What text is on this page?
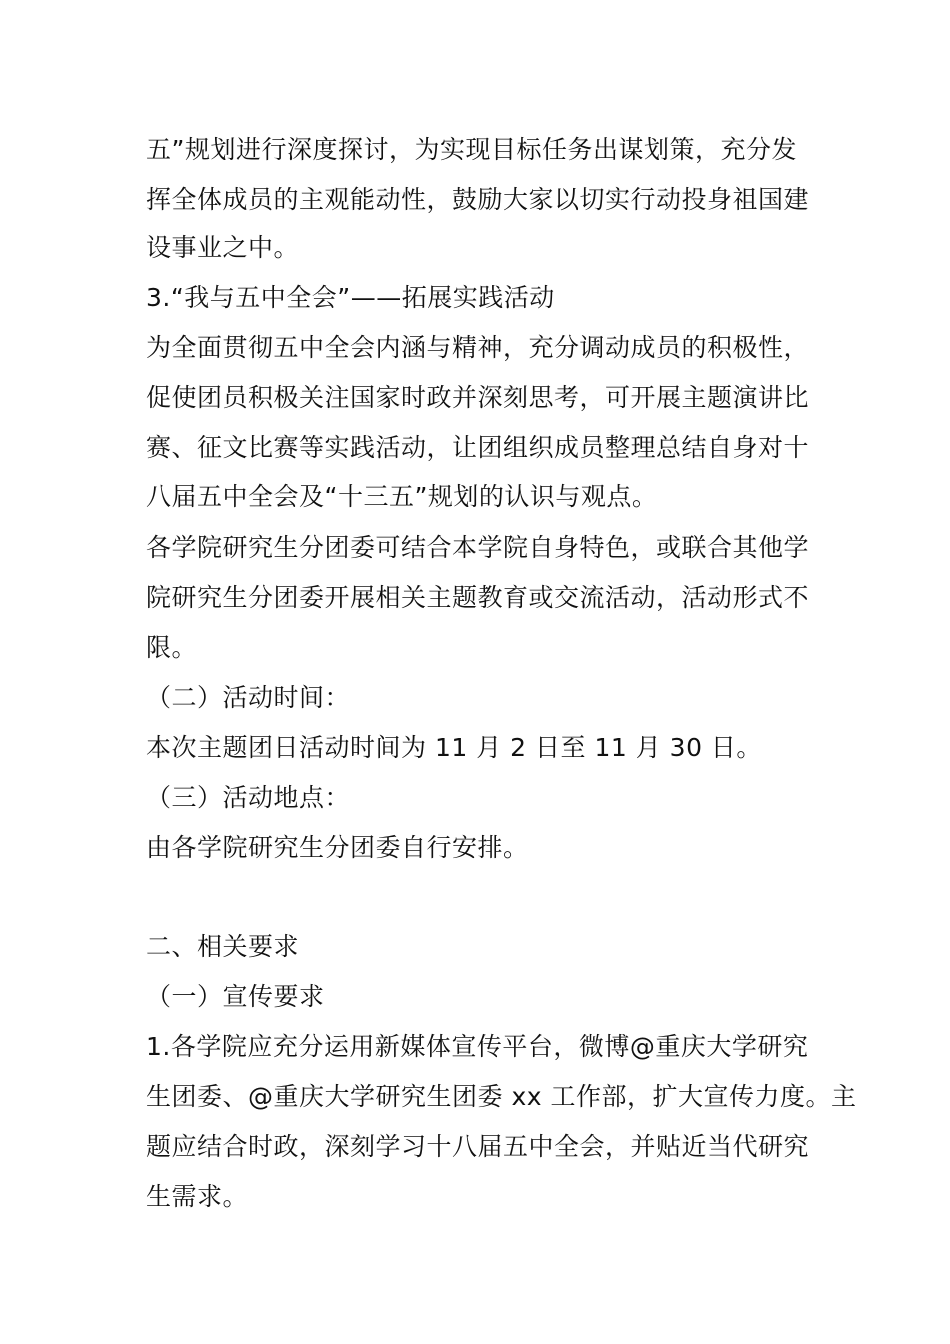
五”规划进行深度探讨，为实现目标任务出谋划策，充分发
挥全体成员的主观能动性，鼓励大家以切实行动投身祖国建
设事业之中。
3.“我与五中全会”——拓展实践活动
为全面贯彻五中全会内涵与精神，充分调动成员的积极性，
促使团员积极关注国家时政并深刻思考，可开展主题演讲比
赛、征文比赛等实践活动，让团组织成员整理总结自身对十
八届五中全会及“十三五”规划的认识与观点。
各学院研究生分团委可结合本学院自身特色，或联合其他学
院研究生分团委开展相关主题教育或交流活动，活动形式不
限。
（二）活动时间：
本次主题团日活动时间为 11 月 2 日至 11 月 30 日。
（三）活动地点：
由各学院研究生分团委自行安排。
二、相关要求
（一）宣传要求
1.各学院应充分运用新媒体宣传平台，微博@重庆大学研究
生团委、@重庆大学研究生团委 xx 工作部，扩大宣传力度。主
题应结合时政，深刻学习十八届五中全会，并贴近当代研究
生需求。
